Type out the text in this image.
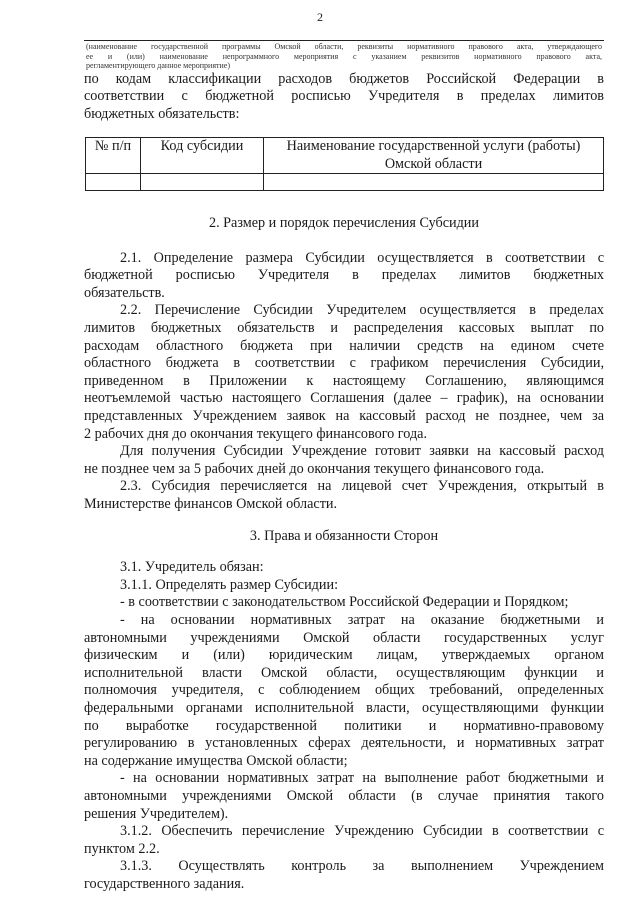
2
(наименование государственной программы Омской области, реквизиты нормативного правового акта, утверждающего
ее и (или) наименование непрограммного мероприятия с указанием реквизитов нормативного правового акта,
регламентирующего данное мероприятие)

по кодам классификации расходов бюджетов Российской Федерации в
соответствии с бюджетной росписью Учредителя в пределах лимитов
бюджетных обязательств:

№ п/п	Код субсидии	Наименование государственной услуги (работы)
Омской области

2. Размер и порядок перечисления Субсидии

2.1. Определение размера Субсидии осуществляется в соответствии с
бюджетной росписью Учредителя в пределах лимитов бюджетных
обязательств.

2.2. Перечисление Субсидии Учредителем осуществляется в пределах
лимитов бюджетных обязательств и распределения кассовых выплат по
расходам областного бюджета при наличии средств на едином счете
областного бюджета в соответствии с графиком перечисления Субсидии,
приведенном в Приложении к настоящему Соглашению, являющимся
неотъемлемой частью настоящего Соглашения (далее – график), на основании
представленных Учреждением заявок на кассовый расход не позднее, чем за
2 рабочих дня до окончания текущего финансового года.

Для получения Субсидии Учреждение готовит заявки на кассовый расход
не позднее чем за 5 рабочих дней до окончания текущего финансового года.

2.3. Субсидия перечисляется на лицевой счет Учреждения, открытый в
Министерстве финансов Омской области.

3. Права и обязанности Сторон

3.1. Учредитель обязан:

3.1.1. Определять размер Субсидии:

- в соответствии с законодательством Российской Федерации и Порядком;

- на основании нормативных затрат на оказание бюджетными и
автономными учреждениями Омской области государственных услуг
физическим и (или) юридическим лицам, утверждаемых органом
исполнительной власти Омской области, осуществляющим функции и
полномочия учредителя, с соблюдением общих требований, определенных
федеральными органами исполнительной власти, осуществляющими функции
по выработке государственной политики и нормативно-правовому
регулированию в установленных сферах деятельности, и нормативных затрат
на содержание имущества Омской области;

- на основании нормативных затрат на выполнение работ бюджетными и
автономными учреждениями Омской области (в случае принятия такого
решения Учредителем).

3.1.2. Обеспечить перечисление Учреждению Субсидии в соответствии с
пунктом 2.2.

3.1.3. Осуществлять контроль за выполнением Учреждением
государственного задания.
